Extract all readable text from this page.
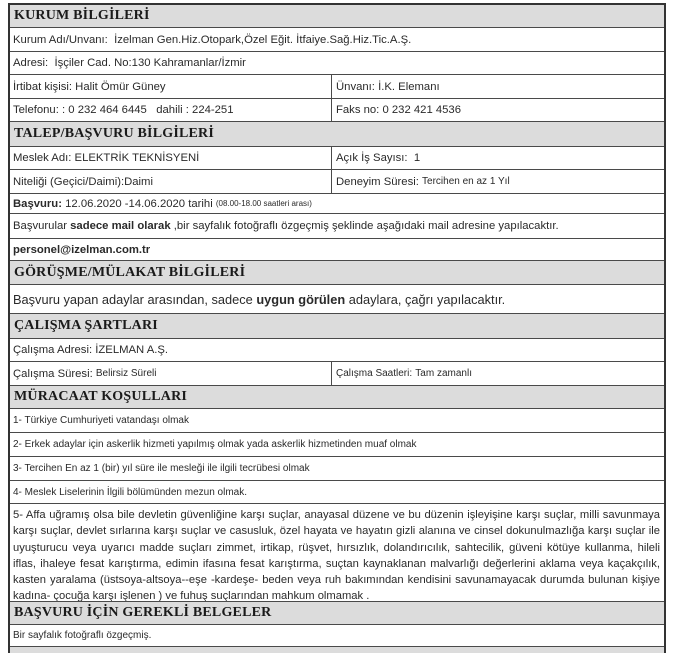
KURUM BİLGİLERİ
Kurum Adı/Unvanı:
İzelman Gen.Hiz.Otopark,Özel Eğit. İtfaiye.Sağ.Hiz.Tic.A.Ş.
Adresi:
İşçiler Cad. No:130 Kahramanlar/İzmir
İrtibat kişisi:
Halit Ömür Güney	Ünvanı:
İ.K. Elemanı
Telefonu: :
0 232 464 6445
dahili :
224-251	Faks no:
0 232 421 4536
TALEP/BAŞVURU BİLGİLERİ
Meslek Adı:
ELEKTRİK TEKNİSYENİ	Açık İş Sayısı:
1
Niteliği (Geçici/Daimi): Daimi	Deneyim Süresi:
Tercihen en az 1 Yıl
Başvuru:
12.06.2020 -14.06.2020 tarihi
(08.00-18.00 saatleri arası)
Başvurular
sadece mail olarak
,bir sayfalık fotoğraflı özgeçmiş şeklinde aşağıdaki mail adresine yapılacaktır.
personel@izelman.com.tr
GÖRÜŞME/MÜLAKAT BİLGİLERİ
Başvuru yapan adaylar arasından, sadece
uygun görülen
adaylara, çağrı yapılacaktır.
ÇALIŞMA ŞARTLARI
Çalışma Adresi:
İZELMAN A.Ş.
Çalışma Süresi:
Belirsiz Süreli	Çalışma Saatleri:
Tam zamanlı
MÜRACAAT KOŞULLARI
1- Türkiye Cumhuriyeti vatandaşı olmak
2- Erkek adaylar için askerlik hizmeti yapılmış olmak yada askerlik hizmetinden muaf olmak
3- Tercihen En az 1 (bir) yıl süre ile mesleği ile ilgili tecrübesi olmak
4- Meslek Liselerinin İlgili bölümünden mezun olmak.
5- Affa uğramış olsa bile devletin güvenliğine karşı suçlar, anayasal düzene ve bu düzenin işleyişine karşı suçlar, milli savunmaya karşı suçlar, devlet sırlarına karşı suçlar ve casusluk, özel hayata ve hayatın gizli alanına ve cinsel dokunulmazlığa karşı suçlar ile uyuşturucu veya uyarıcı madde suçları zimmet, irtikap, rüşvet, hırsızlık, dolandırıcılık, sahtecilik, güveni kötüye kullanma, hileli iflas, ihaleye fesat karıştırma, edimin ifasına fesat karıştırma, suçtan kaynaklanan malvarlığı değerlerini aklama veya kaçakçılık, kasten yaralama (üstsoya-altsoya--eşe -kardeşe- beden veya ruh bakımından kendisini savunamayacak durumda bulunan kişiye kadına- çocuğa karşı işlenen ) ve fuhuş suçlarından mahkum olmamak .
BAŞVURU İÇİN GEREKLİ BELGELER
Bir sayfalık fotoğraflı özgeçmiş.
